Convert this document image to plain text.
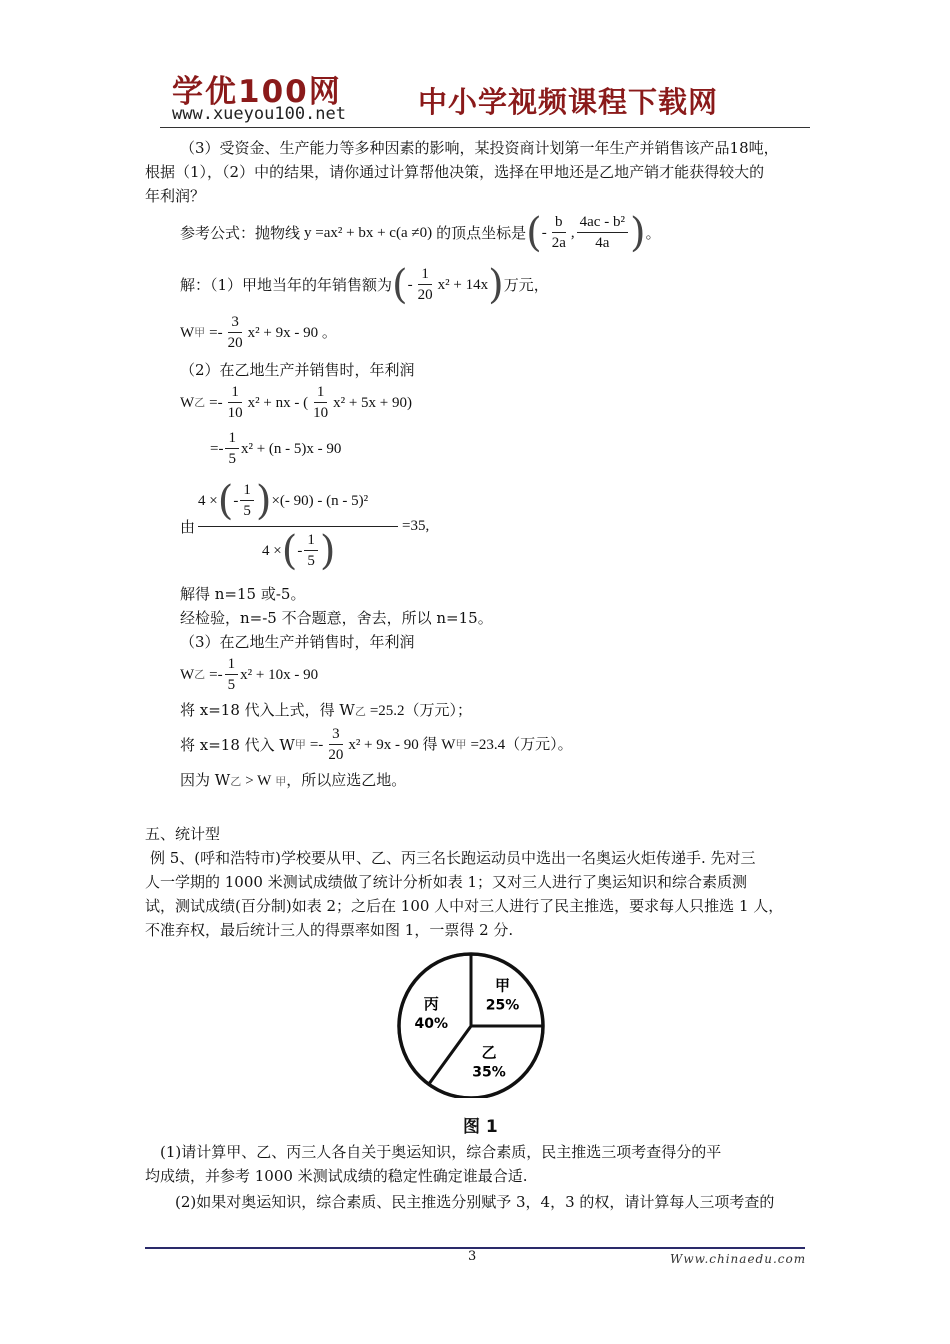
学优100网
www.xueyou100.net 中小学视频课程下载网
（3）受资金、生产能力等多种因素的影响，某投资商计划第一年生产并销售该产品18吨，
根据（1），（2）中的结果，请你通过计算帮他决策，选择在甲地还是乙地产销才能获得较大的
年利润？
参考公式：抛物线 y =ax² + bx + c(a ≠0) 的顶点坐标是 ( - $\frac{b}{2a}$ , $\frac{\text{4ac - b²}}{4a}$ ) 。
解：（1）甲地当年的年销售额为 ( - $\frac{1}{20} x^2 + 14x$ ) 万元，
W 甲 =- $\frac{3}{20} x^2 + 9x - 90$ 。
（2）在乙地生产并销售时，年利润
W 乙 =- $\frac{1}{10} x^2$ + nx - ( $\frac{1}{10} x^2 + 5x + 90$)
=- $\frac{1}{5} x^2 + (n - 5)x - 90$
由
4 × ( - $\frac{1}{5}$ ) ×(- 90) - (n - 5)²
4 × ( - $\frac{1}{5}$ )
=35,
解得 n=15 或-5。
经检验，n=-5 不合题意，舍去，所以 n=15。
（3）在乙地生产并销售时，年利润
W 乙 =- $\frac{1}{5} x^2 + 10x - 90$
将 x=18 代入上式，得 W 乙 =25.2（万元）；
将 x=18 代入 W 甲 =- $\frac{3}{20} x^2 + 9x - 90$ 得 W 甲 =23.4（万元）。
因为 W 乙 > W 甲 ，所以应选乙地。
五、统计型
例 5、(呼和浩特市)学校要从甲、乙、丙三名长跑运动员中选出一名奥运火炬传递手. 先对三
人一学期的 1000 米测试成绩做了统计分析如表 1；又对三人进行了奥运知识和综合素质测
试，测试成绩(百分制)如表 2；之后在 100 人中对三人进行了民主推选，要求每人只推选 1 人，
不准弃权，最后统计三人的得票率如图 1，一票得 2 分.
甲
25%
乙
35%
丙
40%
图 1
(1)请计算甲、乙、丙三人各自关于奥运知识，综合素质，民主推选三项考查得分的平
均成绩，并参考 1000 米测试成绩的稳定性确定谁最合适.
(2)如果对奥运知识，综合素质、民主推选分别赋予 3，4，3 的权，请计算每人三项考查的
3	Www.chinaedu.com
